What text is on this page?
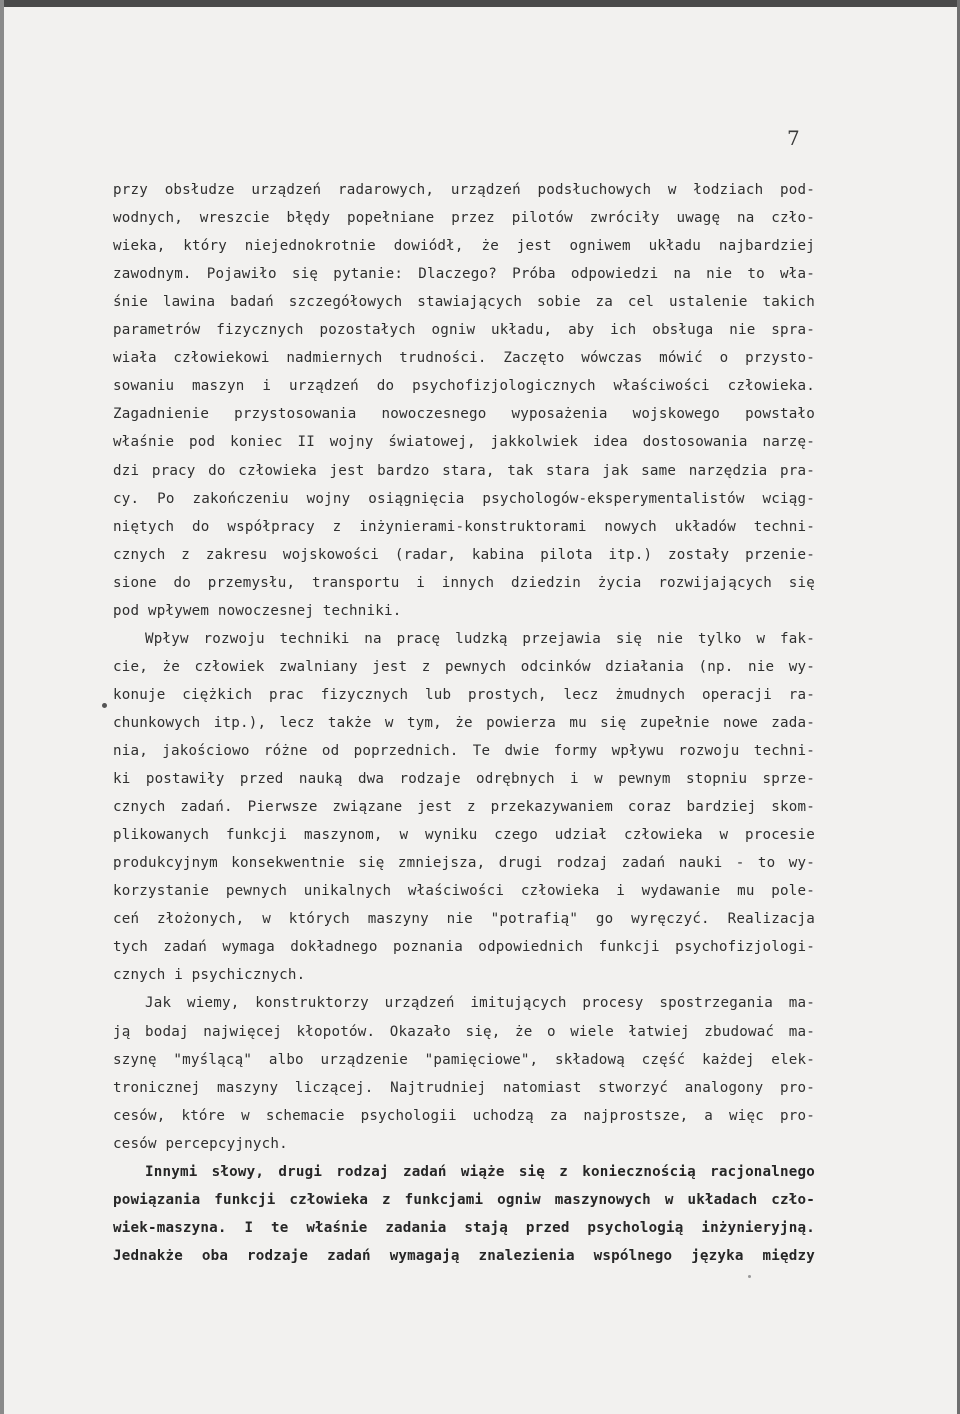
7
przy obsłudze urządzeń radarowych, urządzeń podsłuchowych w łodziach pod-
wodnych, wreszcie błędy popełniane przez pilotów zwróciły uwagę na czło-
wieka, który niejednokrotnie dowiódł, że jest ogniwem układu najbardziej
zawodnym. Pojawiło się pytanie: Dlaczego? Próba odpowiedzi na nie to wła-
śnie lawina badań szczegółowych stawiających sobie za cel ustalenie takich
parametrów fizycznych pozostałych ogniw układu, aby ich obsługa nie spra-
wiała człowiekowi nadmiernych trudności. Zaczęto wówczas mówić o przysto-
sowaniu maszyn i urządzeń do psychofizjologicznych właściwości człowieka.
Zagadnienie przystosowania nowoczesnego wyposażenia wojskowego powstało
właśnie pod koniec II wojny światowej, jakkolwiek idea dostosowania narzę-
dzi pracy do człowieka jest bardzo stara, tak stara jak same narzędzia pra-
cy. Po zakończeniu wojny osiągnięcia psychologów-eksperymentalistów wciąg-
niętych do współpracy z inżynierami-konstruktorami nowych układów techni-
cznych z zakresu wojskowości (radar, kabina pilota itp.) zostały przenie-
sione do przemysłu, transportu i innych dziedzin życia rozwijających się
pod wpływem nowoczesnej techniki.
Wpływ rozwoju techniki na pracę ludzką przejawia się nie tylko w fak-
cie, że człowiek zwalniany jest z pewnych odcinków działania (np. nie wy-
konuje ciężkich prac fizycznych lub prostych, lecz żmudnych operacji ra-
chunkowych itp.), lecz także w tym, że powierza mu się zupełnie nowe zada-
nia, jakościowo różne od poprzednich. Te dwie formy wpływu rozwoju techni-
ki postawiły przed nauką dwa rodzaje odrębnych i w pewnym stopniu sprze-
cznych zadań. Pierwsze związane jest z przekazywaniem coraz bardziej skom-
plikowanych funkcji maszynom, w wyniku czego udział człowieka w procesie
produkcyjnym konsekwentnie się zmniejsza, drugi rodzaj zadań nauki - to wy-
korzystanie pewnych unikalnych właściwości człowieka i wydawanie mu pole-
ceń złożonych, w których maszyny nie "potrafią" go wyręczyć. Realizacja
tych zadań wymaga dokładnego poznania odpowiednich funkcji psychofizjologi-
cznych i psychicznych.
Jak wiemy, konstruktorzy urządzeń imitujących procesy spostrzegania ma-
ją bodaj najwięcej kłopotów. Okazało się, że o wiele łatwiej zbudować ma-
szynę "myślącą" albo urządzenie "pamięciowe", składową część każdej elek-
tronicznej maszyny liczącej. Najtrudniej natomiast stworzyć analogony pro-
cesów, które w schemacie psychologii uchodzą za najprostsze, a więc pro-
cesów percepcyjnych.
Innymi słowy, drugi rodzaj zadań wiąże się z koniecznością racjonalnego
powiązania funkcji człowieka z funkcjami ogniw maszynowych w układach czło-
wiek-maszyna. I te właśnie zadania stają przed psychologią inżynieryjną.
Jednakże oba rodzaje zadań wymagają znalezienia wspólnego języka między
